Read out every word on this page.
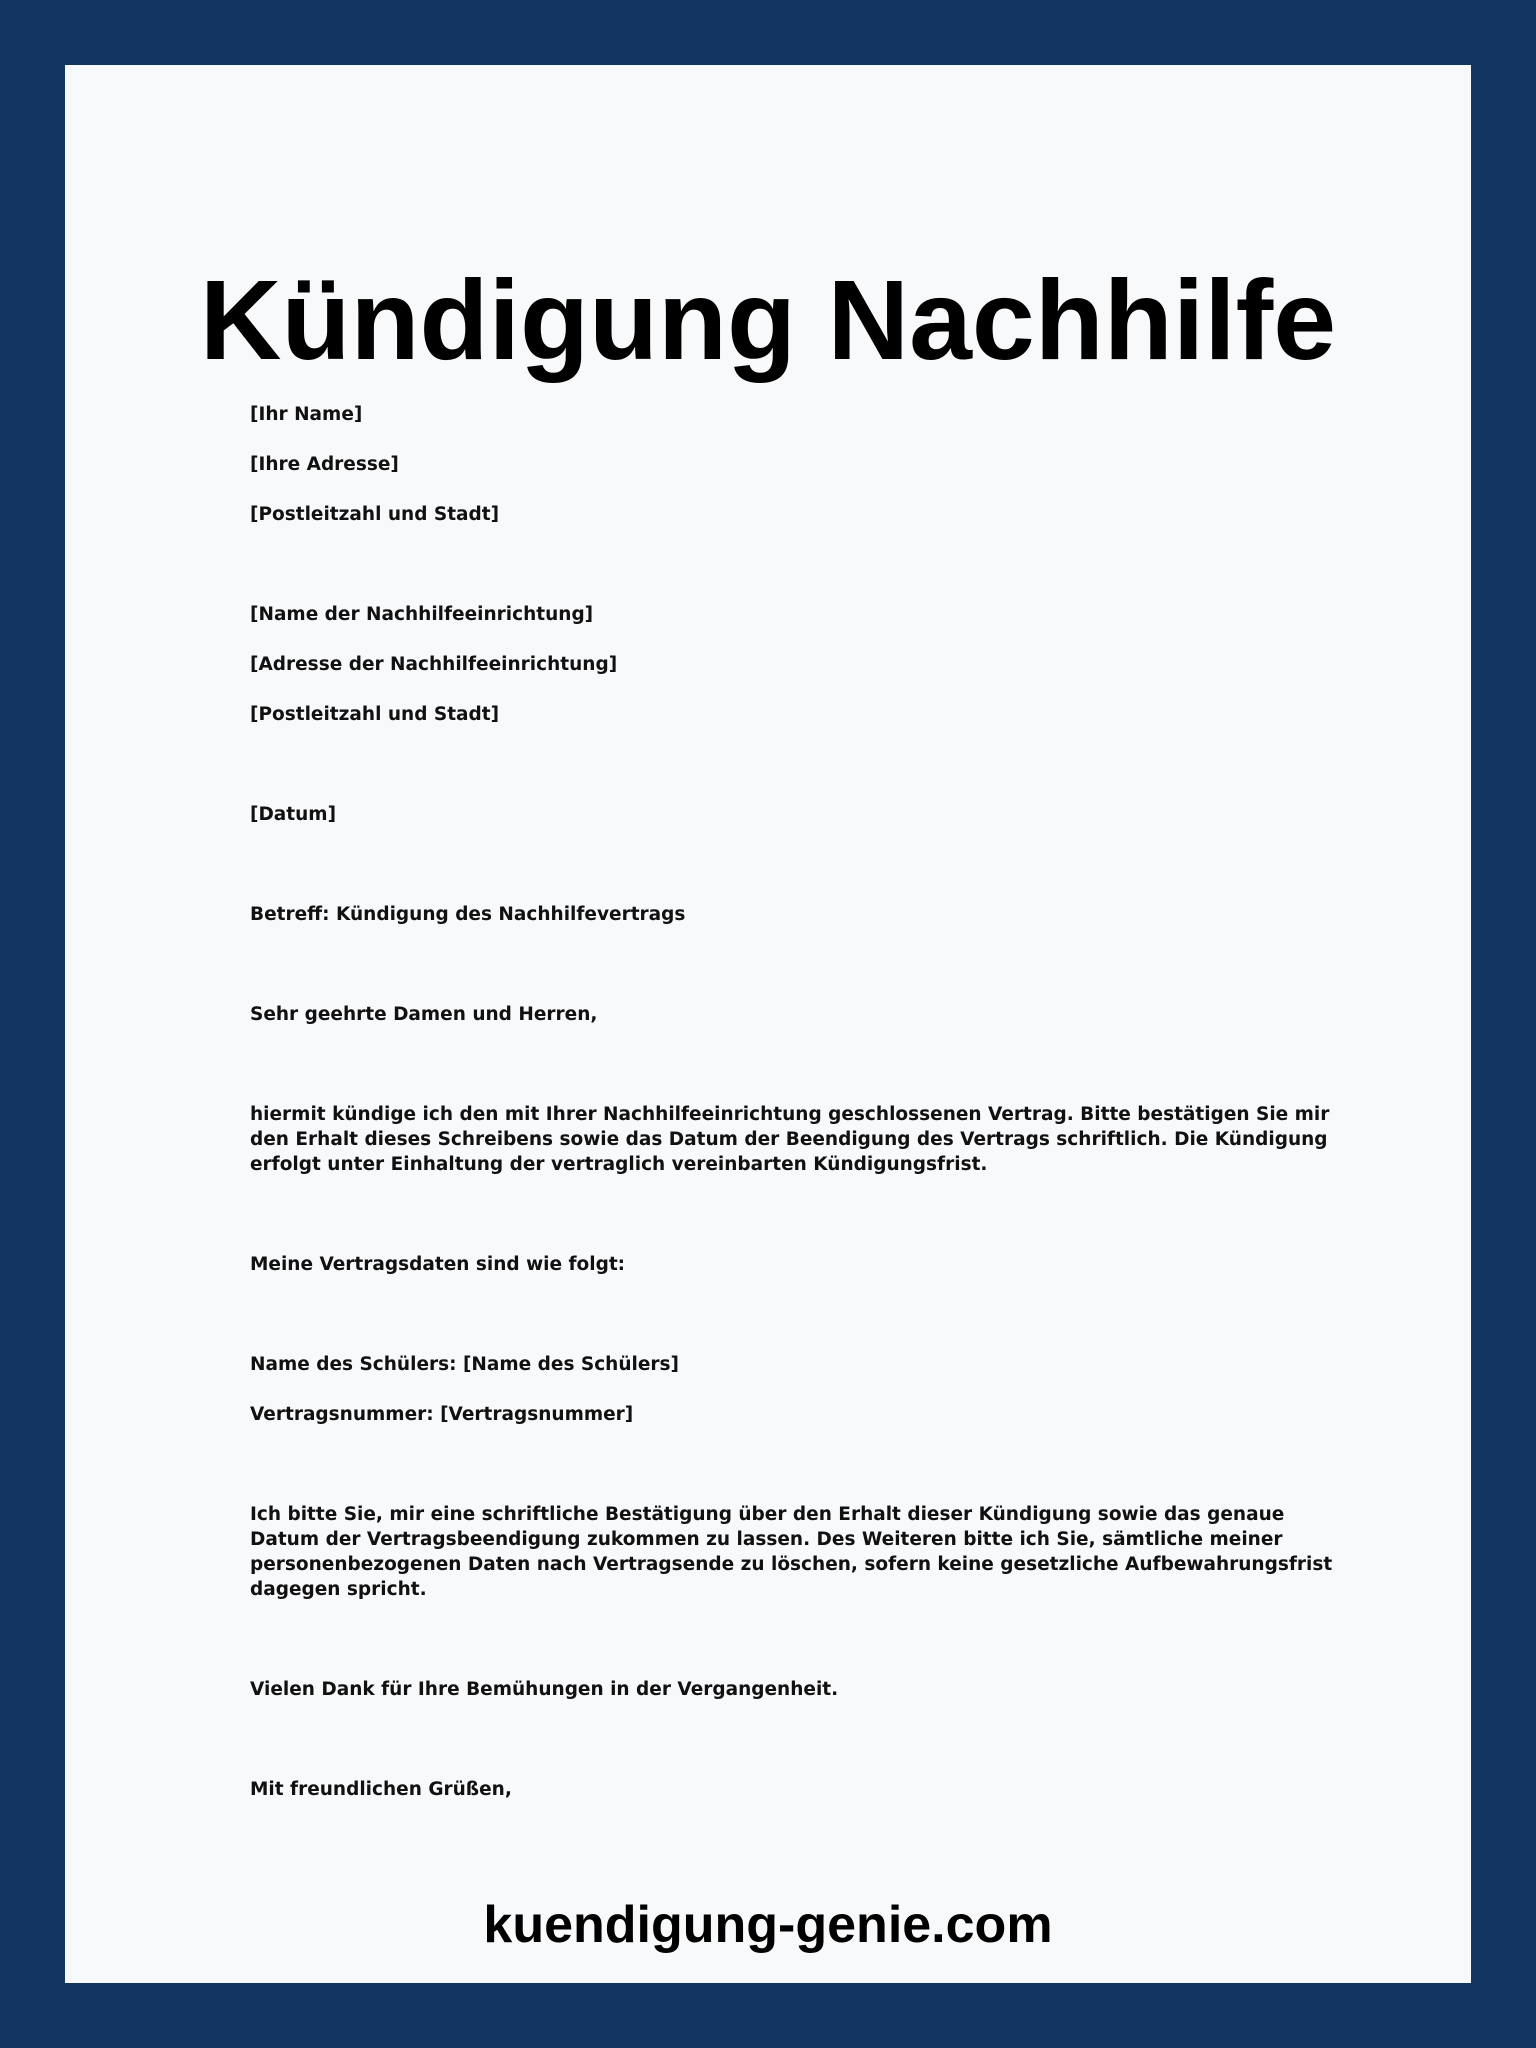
Kündigung Nachhilfe

[Ihr Name]

[Ihre Adresse]

[Postleitzahl und Stadt]

[Name der Nachhilfeeinrichtung]

[Adresse der Nachhilfeeinrichtung]

[Postleitzahl und Stadt]

[Datum]

Betreff: Kündigung des Nachhilfevertrags

Sehr geehrte Damen und Herren,

hiermit kündige ich den mit Ihrer Nachhilfeeinrichtung geschlossenen Vertrag. Bitte bestätigen Sie mir den Erhalt dieses Schreibens sowie das Datum der Beendigung des Vertrags schriftlich. Die Kündigung erfolgt unter Einhaltung der vertraglich vereinbarten Kündigungsfrist.

Meine Vertragsdaten sind wie folgt:

Name des Schülers: [Name des Schülers]

Vertragsnummer: [Vertragsnummer]

Ich bitte Sie, mir eine schriftliche Bestätigung über den Erhalt dieser Kündigung sowie das genaue Datum der Vertragsbeendigung zukommen zu lassen. Des Weiteren bitte ich Sie, sämtliche meiner personenbezogenen Daten nach Vertragsende zu löschen, sofern keine gesetzliche Aufbewahrungsfrist dagegen spricht.

Vielen Dank für Ihre Bemühungen in der Vergangenheit.

Mit freundlichen Grüßen,

kuendigung-genie.com
